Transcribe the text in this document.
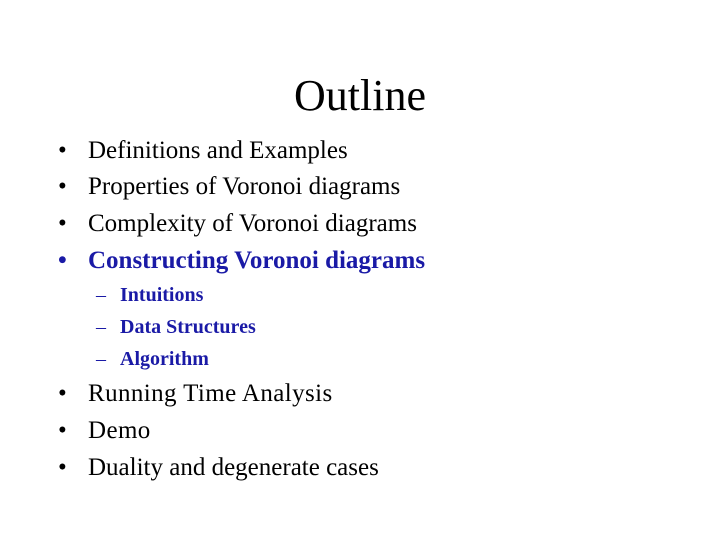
Outline
• Definitions and Examples
• Properties of Voronoi diagrams
• Complexity of Voronoi diagrams
• Constructing Voronoi diagrams
– Intuitions
– Data Structures
– Algorithm
• Running Time Analysis
• Demo
• Duality and degenerate cases
